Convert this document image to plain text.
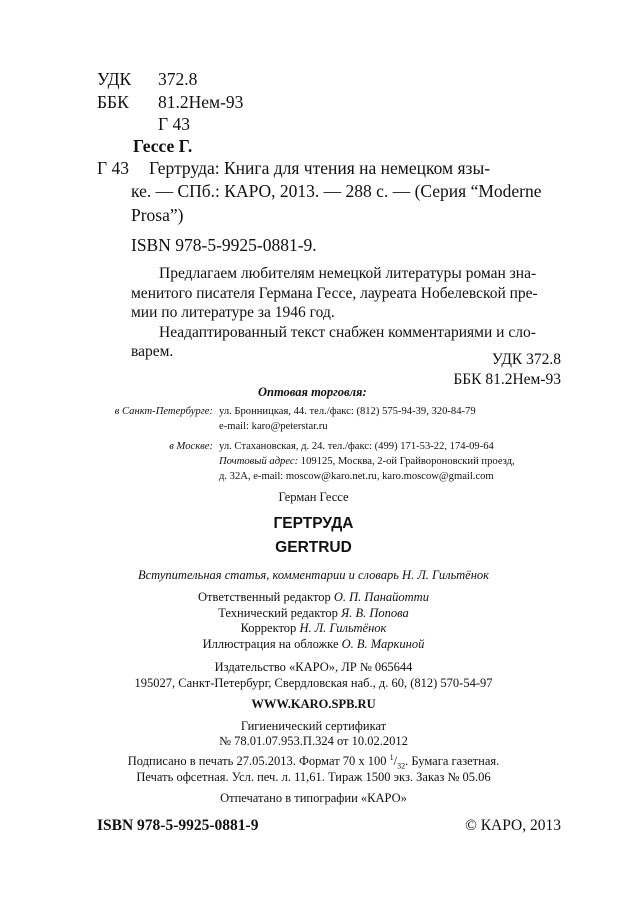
УДК 372.8
ББК 81.2Нем-93
Г 43
Гессе Г.
Г 43 Гертруда: Книга для чтения на немецком язы-
ке. — СПб.: КАРО, 2013. — 288 с. — (Серия “Moderne
Prosa”)
ISBN 978-5-9925-0881-9.
Предлагаем любителям немецкой литературы роман зна-
менитого писателя Германа Гессе, лауреата Нобелевской пре-
мии по литературе за 1946 год.
Неадаптированный текст снабжен комментариями и сло-
варем.	УДК 372.8
ББК 81.2Нем-93
Оптовая торговля:
в Санкт-Петербурге: ул. Бронницкая, 44. тел./факс: (812) 575-94-39, 320-84-79
e-mail: karo@peterstar.ru
в Москве: ул. Стахановская, д. 24. тел./факс: (499) 171-53-22, 174-09-64
Почтовый адрес: 109125, Москва, 2-ой Грайвороновский проезд,
д. 32А, e-mail: moscow@karo.net.ru, karo.moscow@gmail.com
Герман Гессе
ГЕРТРУДА
GERTRUD
Вступительная статья, комментарии и словарь Н. Л. Гильтёнок
Ответственный редактор О. П. Панайотти
Технический редактор Я. В. Попова
Корректор Н. Л. Гильтёнок
Иллюстрация на обложке О. В. Маркиной
Издательство «КАРО», ЛР № 065644
195027, Санкт-Петербург, Свердловская наб., д. 60, (812) 570-54-97
WWW.KARO.SPB.RU
Гигиенический сертификат
№ 78.01.07.953.П.324 от 10.02.2012
Подписано в печать 27.05.2013. Формат 70 x 100 $^1/_{32}$. Бумага газетная.
Печать офсетная. Усл. печ. л. 11,61. Тираж 1500 экз. Заказ № 05.06
Отпечатано в типографии «КАРО»
ISBN 978-5-9925-0881-9	© КАРО, 2013
